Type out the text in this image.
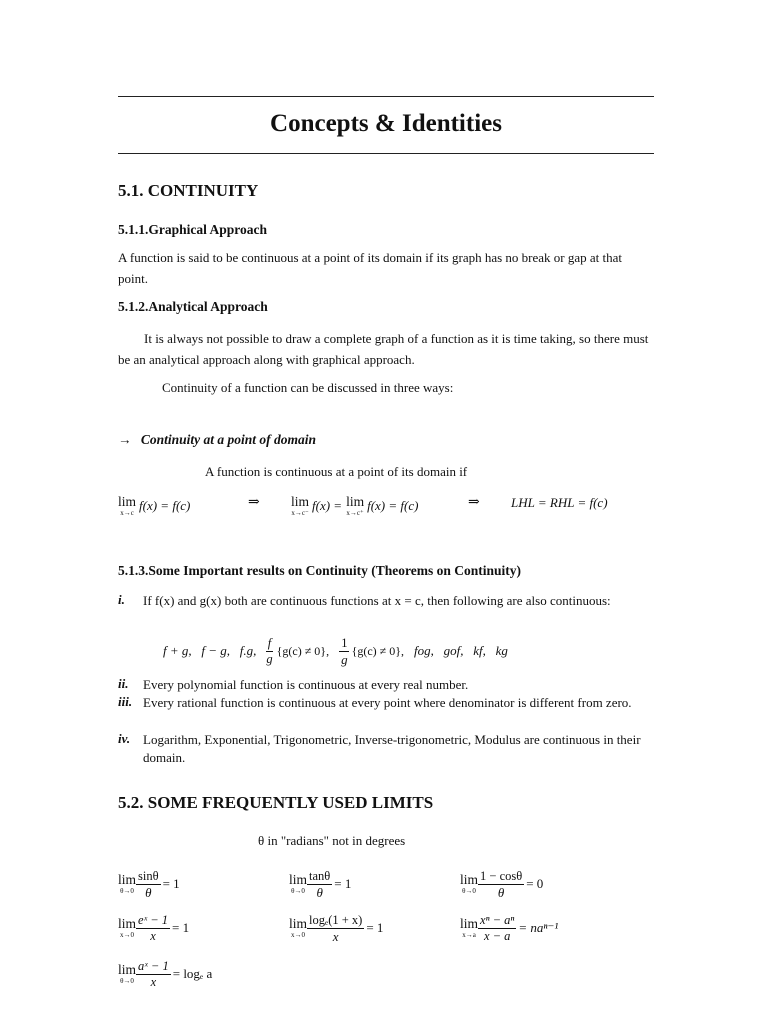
Concepts & Identities
5.1. CONTINUITY
5.1.1.Graphical Approach
A function is said to be continuous at a point of its domain if its graph has no break or gap at that point.
5.1.2.Analytical Approach
It is always not possible to draw a complete graph of a function as it is time taking, so there must be an analytical approach along with graphical approach.
Continuity of a function can be discussed in three ways:
→ Continuity at a point of domain
A function is continuous at a point of its domain if
lim
x→c f(x) = f(c)	⇒ lim
x→c⁻ f(x) = lim
x→c⁺ f(x) = f(c)	⇒ LHL = RHL = f(c)
5.1.3.Some Important results on Continuity (Theorems on Continuity)
i. If f(x) and g(x) both are continuous functions at x = c, then following are also continuous:
f + g,   f − g,   f.g, $\frac{f}{g} \{g(c) \ne 0\}$, $\frac{1}{g} \{g(c) \ne 0\}$, fog,   gof,   kf,   kg
ii. Every polynomial function is continuous at every real number.
iii. Every rational function is continuous at every point where denominator is different from zero.
iv. Logarithm, Exponential, Trigonometric, Inverse-trigonometric, Modulus are continuous in their domain.
5.2. SOME FREQUENTLY USED LIMITS
θ in "radians" not in degrees
lim
$\theta\to 0 \frac{\sin\theta}{\theta} = 1$	lim
$\theta\to 0 \frac{\tan\theta}{\theta} = 1$	lim
$\theta\to 0 \frac{1 - \cos\theta}{\theta} = 0$
lim
$x\to 0 \frac{\text{eˣ − 1}}{x} = 1$	lim
$x\to 0 \frac{\text{logₑ(1 + x)}}{x} = 1$	lim
$x\to a \frac{\text{xⁿ − aⁿ}}{x - a} = na^{n-1}$
lim
$\theta\to 0 \frac{\text{aˣ − 1}}{x} = \log_e$ a
